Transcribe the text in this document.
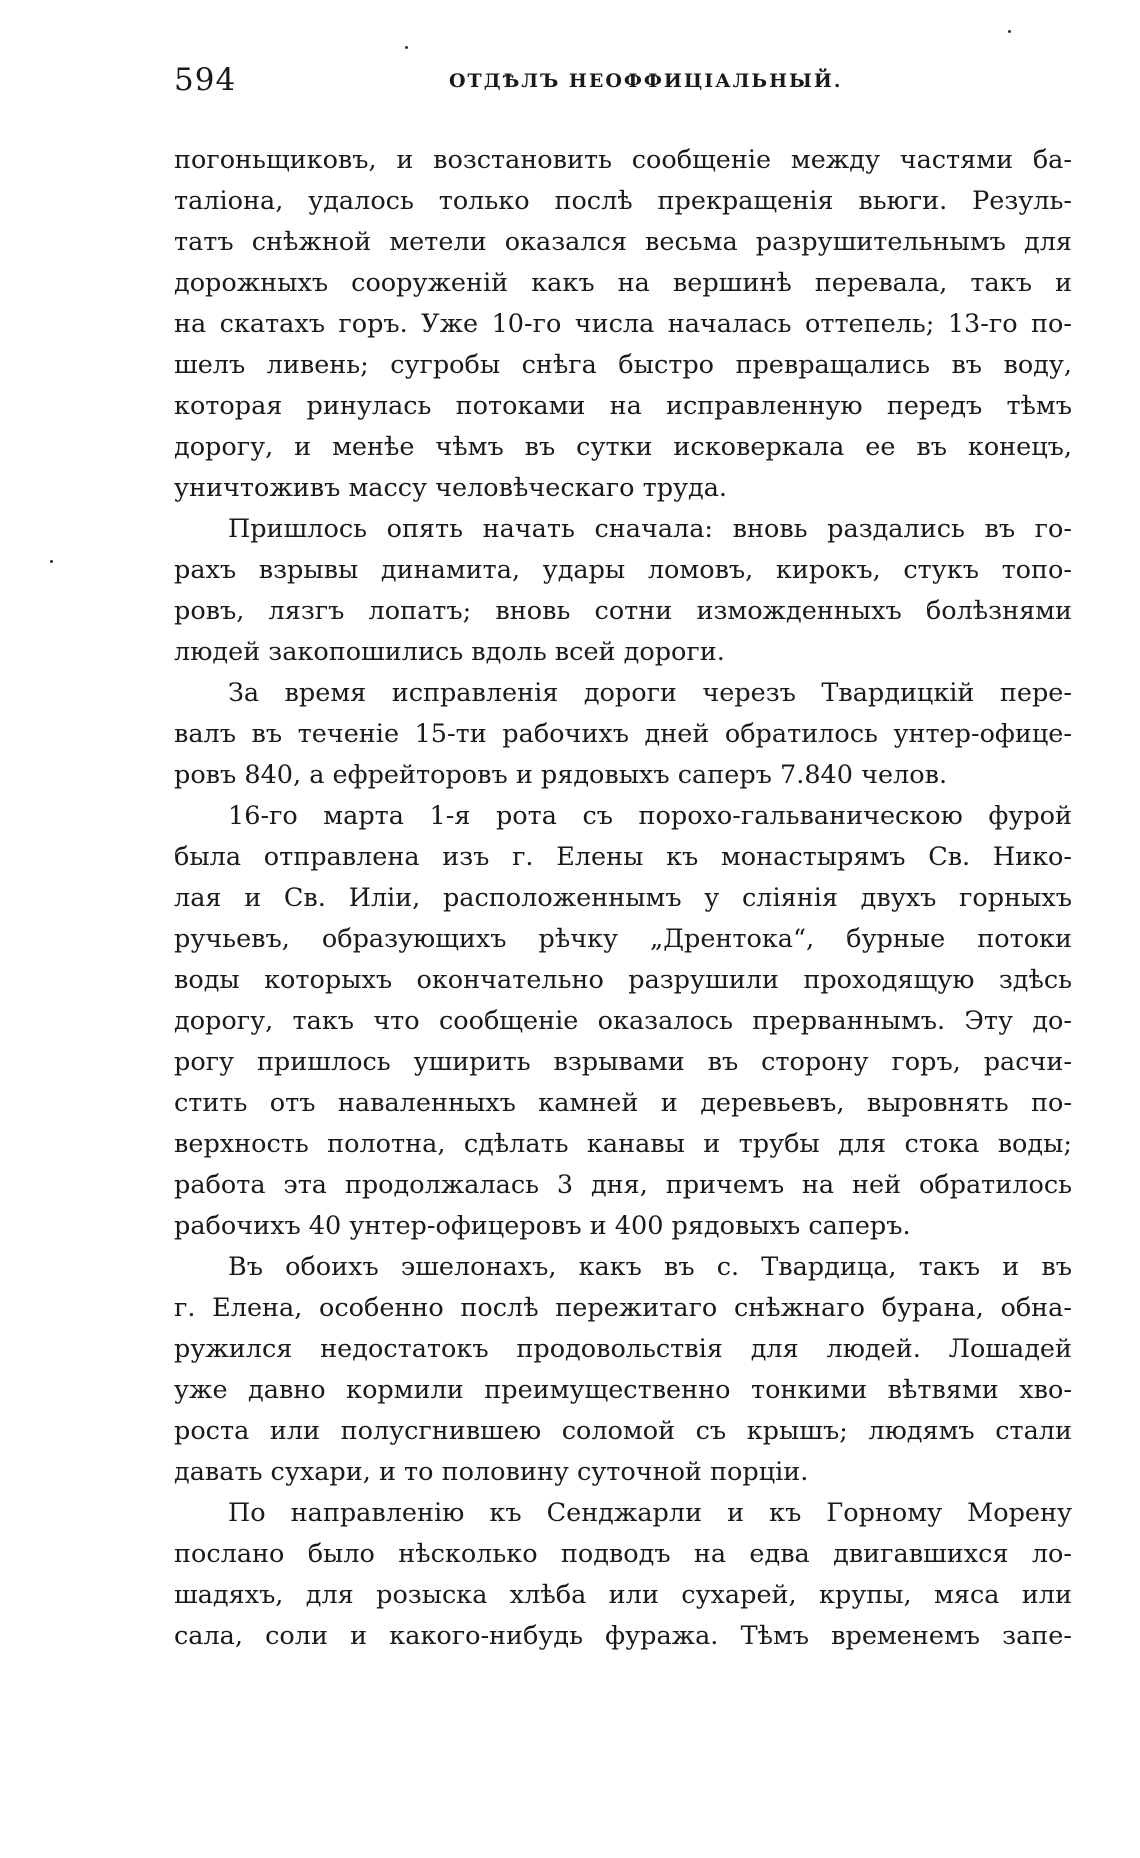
594	ОТДѢЛЪ НЕОФФИЦІАЛЬНЫЙ.
погоньщиковъ, и возстановить сообщеніе между частями ба-
таліона, удалось только послѣ прекращенія вьюги. Резуль-
татъ снѣжной метели оказался весьма разрушительнымъ для
дорожныхъ сооруженій какъ на вершинѣ перевала, такъ и
на скатахъ горъ. Уже 10-го числа началась оттепель; 13-го по-
шелъ ливень; сугробы снѣга быстро превращались въ воду,
которая ринулась потоками на исправленную передъ тѣмъ
дорогу, и менѣе чѣмъ въ сутки исковеркала ее въ конецъ,
уничтоживъ массу человѣческаго труда.
Пришлось опять начать сначала: вновь раздались въ го-
рахъ взрывы динамита, удары ломовъ, кирокъ, стукъ топо-
ровъ, лязгъ лопатъ; вновь сотни изможденныхъ болѣзнями
людей закопошились вдоль всей дороги.
За время исправленія дороги черезъ Твардицкій пере-
валъ въ теченіе 15-ти рабочихъ дней обратилось унтер-офице-
ровъ 840, а ефрейторовъ и рядовыхъ саперъ 7.840 челов.
16-го марта 1-я рота съ порохо-гальваническою фурой
была отправлена изъ г. Елены къ монастырямъ Св. Нико-
лая и Св. Иліи, расположеннымъ у сліянія двухъ горныхъ
ручьевъ, образующихъ рѣчку „Дрентока“, бурные потоки
воды которыхъ окончательно разрушили проходящую здѣсь
дорогу, такъ что сообщеніе оказалось прерваннымъ. Эту до-
рогу пришлось уширить взрывами въ сторону горъ, расчи-
стить отъ наваленныхъ камней и деревьевъ, выровнять по-
верхность полотна, сдѣлать канавы и трубы для стока воды;
работа эта продолжалась 3 дня, причемъ на ней обратилось
рабочихъ 40 унтер-офицеровъ и 400 рядовыхъ саперъ.
Въ обоихъ эшелонахъ, какъ въ с. Твардица, такъ и въ
г. Елена, особенно послѣ пережитаго снѣжнаго бурана, обна-
ружился недостатокъ продовольствія для людей. Лошадей
уже давно кормили преимущественно тонкими вѣтвями хво-
роста или полусгнившею соломой съ крышъ; людямъ стали
давать сухари, и то половину суточной порціи.
По направленію къ Сенджарли и къ Горному Морену
послано было нѣсколько подводъ на едва двигавшихся ло-
шадяхъ, для розыска хлѣба или сухарей, крупы, мяса или
сала, соли и какого-нибудь фуража. Тѣмъ временемъ запе-
